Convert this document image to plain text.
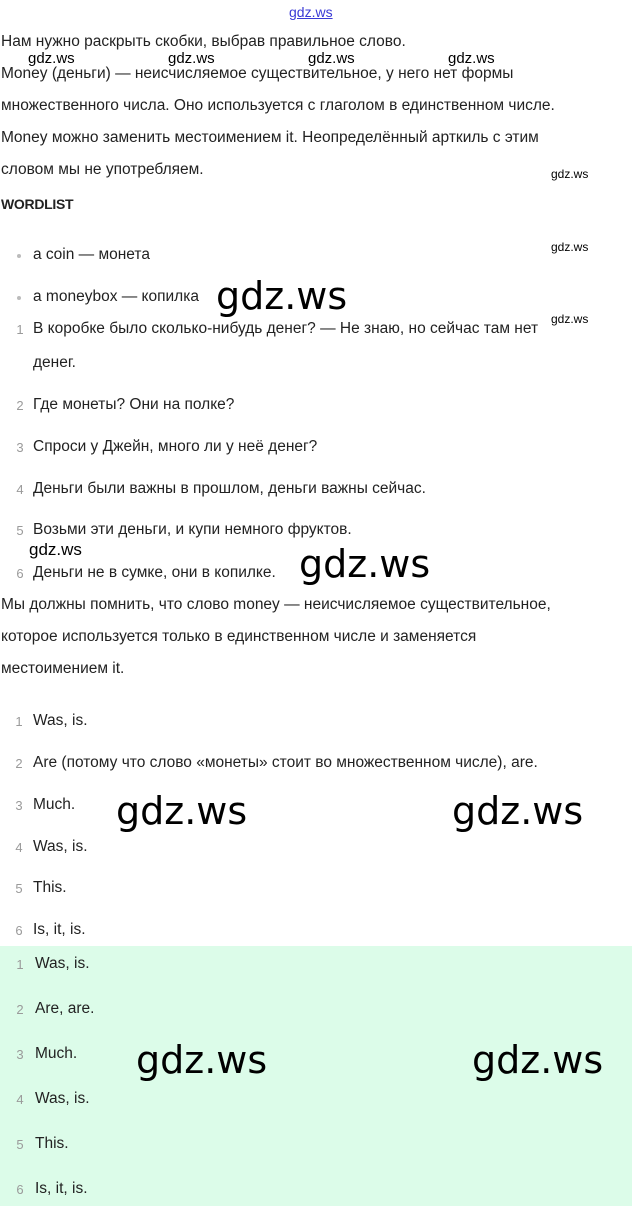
gdz.ws
Нам нужно раскрыть скобки, выбрав правильное слово.
Money (деньги) — неисчисляемое существительное, у него нет формы
множественного числа. Оно используется с глаголом в единственном числе.
Money можно заменить местоимением it. Неопределённый арткиль с этим
словом мы не употребляем.
WORDLIST
a coin — монета
a moneybox — копилка
1 В коробке было сколько-нибудь денег? — Не знаю, но сейчас там нет
денег.
2 Где монеты? Они на полке?
3 Спроси у Джейн, много ли у неё денег?
4 Деньги были важны в прошлом, деньги важны сейчас.
5 Возьми эти деньги, и купи немного фруктов.
6 Деньги не в сумке, они в копилке.
Мы должны помнить, что слово money — неисчисляемое существительное,
которое используется только в единственном числе и заменяется
местоимением it.
1 Was, is.
2 Are (потому что слово «монеты» стоит во множественном числе), are.
3 Much.
4 Was, is.
5 This.
6 Is, it, is.
1 Was, is.
2 Are, are.
3 Much.
4 Was, is.
5 This.
6 Is, it, is.
gdz.ws	gdz.ws	gdz.ws	gdz.ws
gdz.ws
gdz.ws
gdz.ws
gdz.ws
gdz.ws	gdz.ws
gdz.ws	gdz.ws
gdz.ws	gdz.ws
